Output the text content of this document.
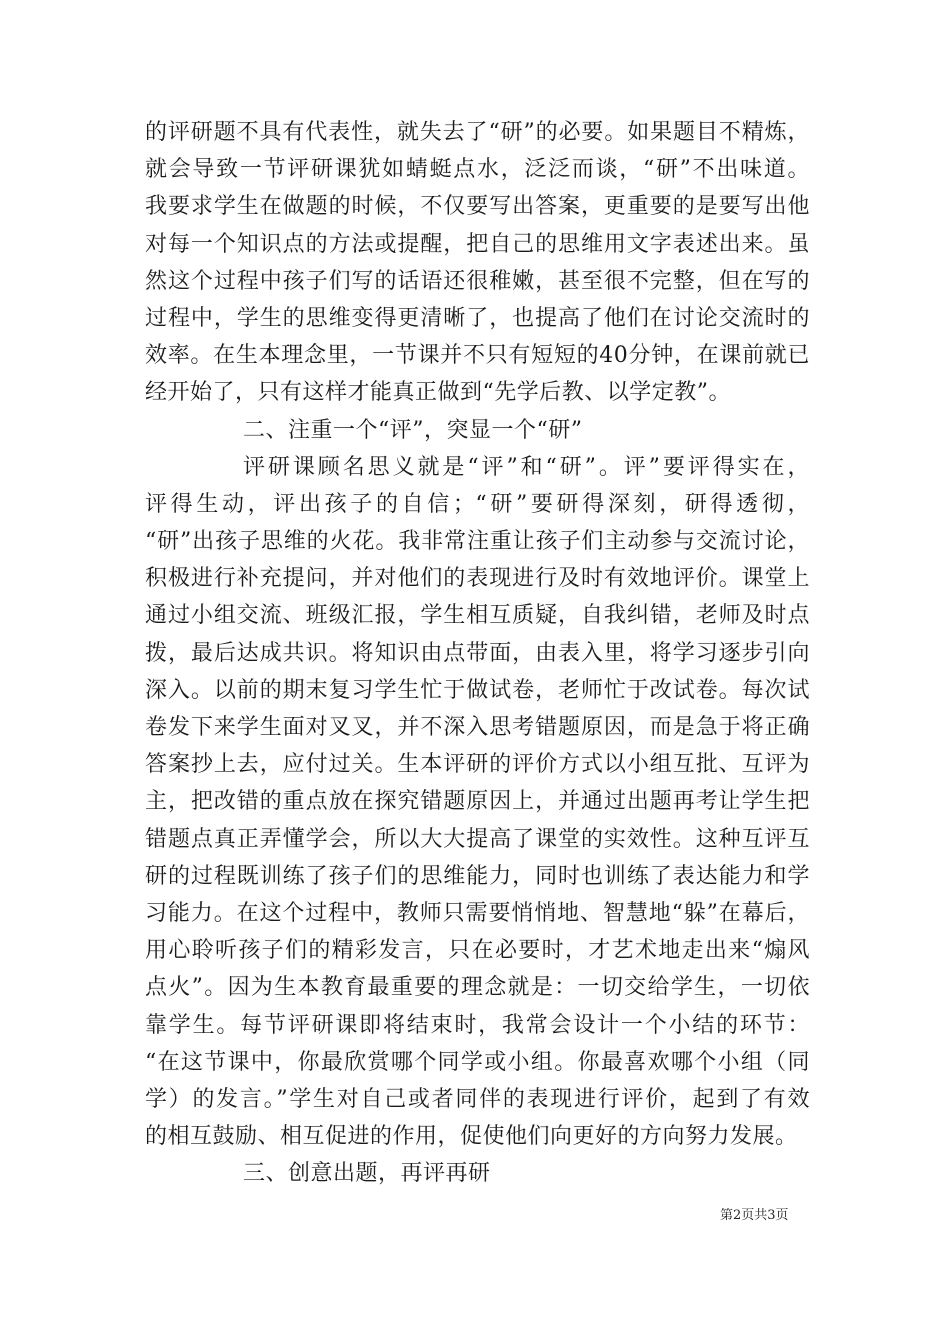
的评研题不具有代表性，就失去了“研”的必要。如果题目不精炼，
就会导致一节评研课犹如蜻蜓点水，泛泛而谈，“研”不出味道。
我要求学生在做题的时候，不仅要写出答案，更重要的是要写出他
对每一个知识点的方法或提醒，把自己的思维用文字表述出来。虽
然这个过程中孩子们写的话语还很稚嫩，甚至很不完整，但在写的
过程中，学生的思维变得更清晰了，也提高了他们在讨论交流时的
效率。在生本理念里，一节课并不只有短短的40分钟，在课前就已
经开始了，只有这样才能真正做到“先学后教、以学定教”。
二、注重一个“评”，突显一个“研”
评研课顾名思义就是“评”和“研”。评”要评得实在，
评得生动，评出孩子的自信；“研”要研得深刻，研得透彻，
“研”出孩子思维的火花。我非常注重让孩子们主动参与交流讨论，
积极进行补充提问，并对他们的表现进行及时有效地评价。课堂上
通过小组交流、班级汇报，学生相互质疑，自我纠错，老师及时点
拨，最后达成共识。将知识由点带面，由表入里，将学习逐步引向
深入。以前的期末复习学生忙于做试卷，老师忙于改试卷。每次试
卷发下来学生面对叉叉，并不深入思考错题原因，而是急于将正确
答案抄上去，应付过关。生本评研的评价方式以小组互批、互评为
主，把改错的重点放在探究错题原因上，并通过出题再考让学生把
错题点真正弄懂学会，所以大大提高了课堂的实效性。这种互评互
研的过程既训练了孩子们的思维能力，同时也训练了表达能力和学
习能力。在这个过程中，教师只需要悄悄地、智慧地“躲”在幕后，
用心聆听孩子们的精彩发言，只在必要时，才艺术地走出来“煽风
点火”。因为生本教育最重要的理念就是：一切交给学生，一切依
靠学生。每节评研课即将结束时，我常会设计一个小结的环节：
“在这节课中，你最欣赏哪个同学或小组。你最喜欢哪个小组（同
学）的发言。”学生对自己或者同伴的表现进行评价，起到了有效
的相互鼓励、相互促进的作用，促使他们向更好的方向努力发展。
三、创意出题，再评再研
第2页共3页
